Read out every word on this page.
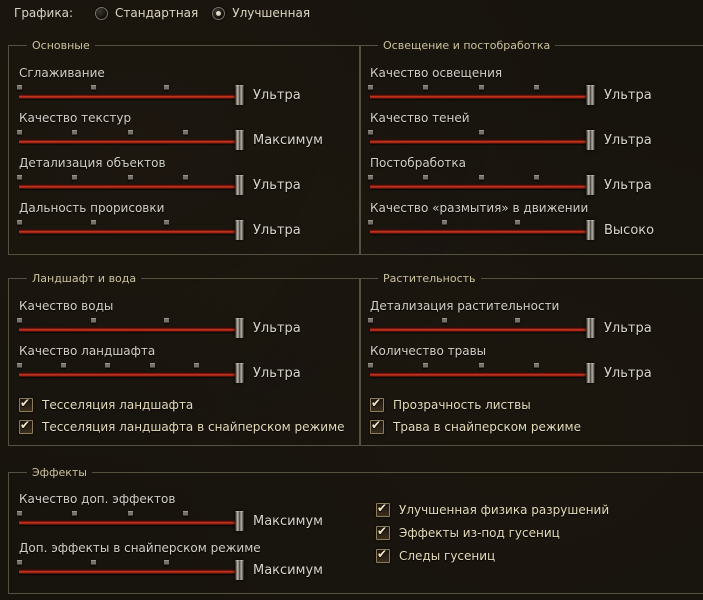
Графика:	Стандартная	Улучшенная
Основные
Сглаживание
Ультра
Качество текстур
Максимум
Детализация объектов
Ультра
Дальность прорисовки
Ультра
Освещение и постобработка
Качество освещения
Ультра
Качество теней
Ультра
Постобработка
Ультра
Качество «размытия» в движении
Высоко
Ландшафт и вода
Качество воды
Ультра
Качество ландшафта
Ультра
✔ Тесселяция ландшафта
✔ Тесселяция ландшафта в снайперском режиме
Растительность
Детализация растительности
Ультра
Количество травы
Ультра
✔ Прозрачность листвы
✔ Трава в снайперском режиме
Эффекты
Качество доп. эффектов
Максимум
Доп. эффекты в снайперском режиме
Максимум
✔ Улучшенная физика разрушений
✔ Эффекты из-под гусениц
✔ Следы гусениц
